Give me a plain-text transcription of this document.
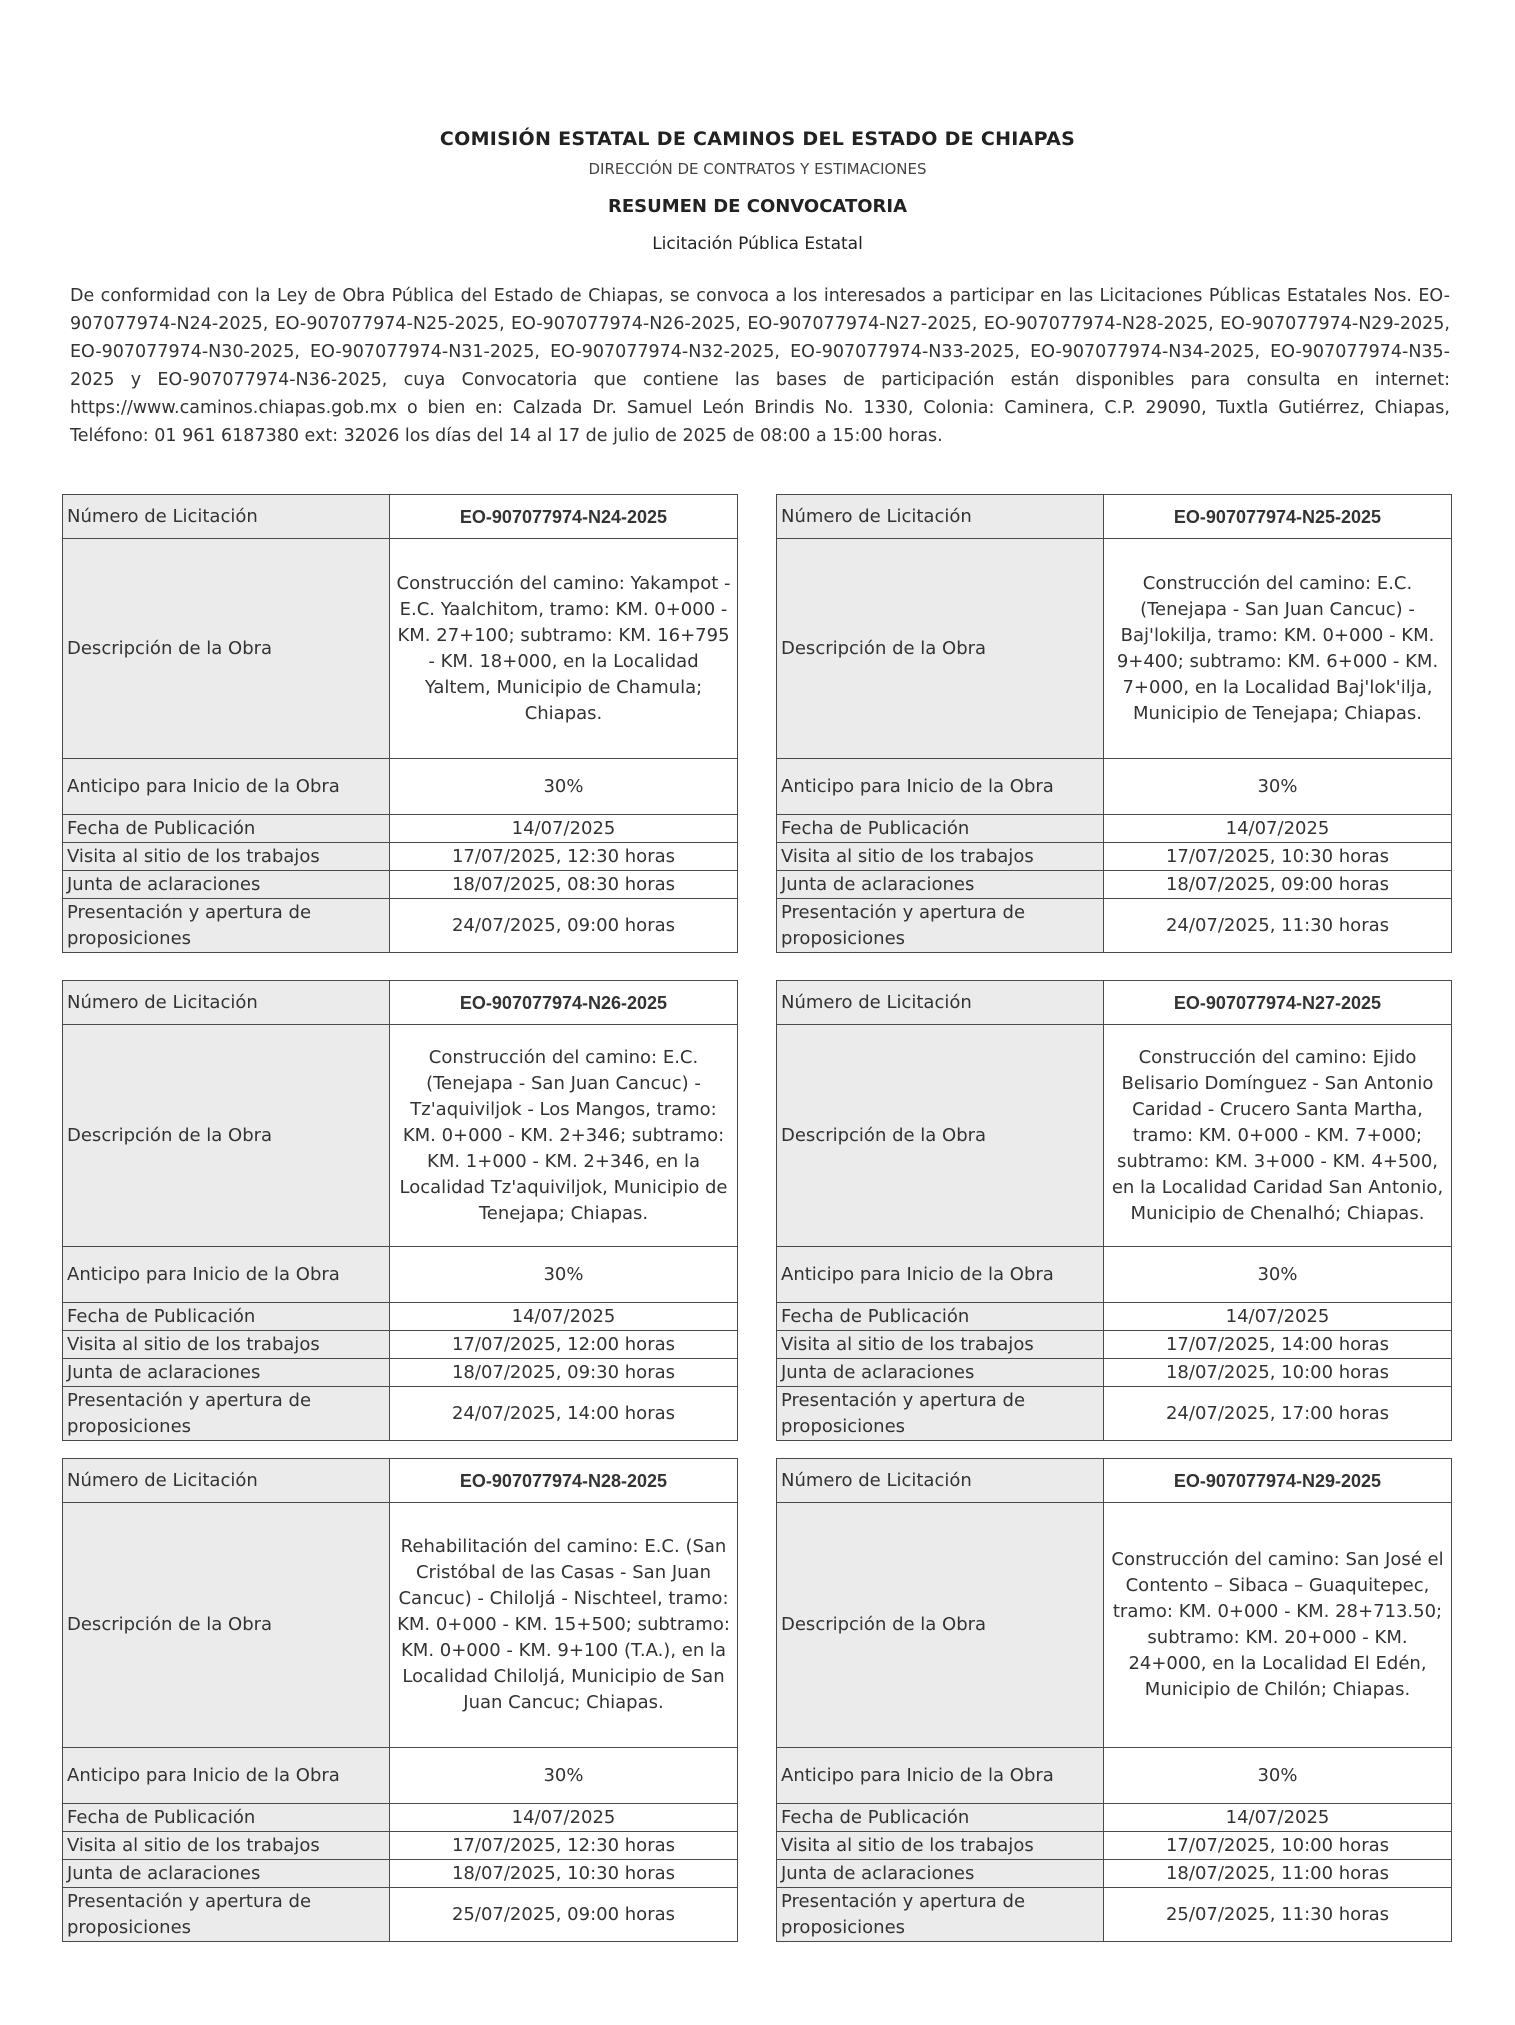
COMISIÓN ESTATAL DE CAMINOS DEL ESTADO DE CHIAPAS
DIRECCIÓN DE CONTRATOS Y ESTIMACIONES
RESUMEN DE CONVOCATORIA
Licitación Pública Estatal

De conformidad con la Ley de Obra Pública del Estado de Chiapas, se convoca a los interesados a participar en las Licitaciones Públicas Estatales Nos. EO-907077974-N24-2025, EO-907077974-N25-2025, EO-907077974-N26-2025, EO-907077974-N27-2025, EO-907077974-N28-2025, EO-907077974-N29-2025, EO-907077974-N30-2025, EO-907077974-N31-2025, EO-907077974-N32-2025, EO-907077974-N33-2025, EO-907077974-N34-2025, EO-907077974-N35-2025 y EO-907077974-N36-2025, cuya Convocatoria que contiene las bases de participación están disponibles para consulta en internet: https://www.caminos.chiapas.gob.mx o bien en: Calzada Dr. Samuel León Brindis No. 1330, Colonia: Caminera, C.P. 29090, Tuxtla Gutiérrez, Chiapas, Teléfono: 01 961 6187380 ext: 32026 los días del 14 al 17 de julio de 2025 de 08:00 a 15:00 horas.

Número de Licitación	EO-907077974-N24-2025
Descripción de la Obra	Construcción del camino: Yakampot - E.C. Yaalchitom, tramo: KM. 0+000 - KM. 27+100; subtramo: KM. 16+795 - KM. 18+000, en la Localidad Yaltem, Municipio de Chamula; Chiapas.
Anticipo para Inicio de la Obra	30%
Fecha de Publicación	14/07/2025
Visita al sitio de los trabajos	17/07/2025, 12:30 horas
Junta de aclaraciones	18/07/2025, 08:30 horas
Presentación y apertura de proposiciones	24/07/2025, 09:00 horas
Número de Licitación	EO-907077974-N25-2025
Descripción de la Obra	Construcción del camino: E.C. (Tenejapa - San Juan Cancuc) - Baj'lokilja, tramo: KM. 0+000 - KM. 9+400; subtramo: KM. 6+000 - KM. 7+000, en la Localidad Baj'lok'ilja, Municipio de Tenejapa; Chiapas.
Anticipo para Inicio de la Obra	30%
Fecha de Publicación	14/07/2025
Visita al sitio de los trabajos	17/07/2025, 10:30 horas
Junta de aclaraciones	18/07/2025, 09:00 horas
Presentación y apertura de proposiciones	24/07/2025, 11:30 horas
Número de Licitación	EO-907077974-N26-2025
Descripción de la Obra	Construcción del camino: E.C. (Tenejapa - San Juan Cancuc) - Tz'aquiviljok - Los Mangos, tramo: KM. 0+000 - KM. 2+346; subtramo: KM. 1+000 - KM. 2+346, en la Localidad Tz'aquiviljok, Municipio de Tenejapa; Chiapas.
Anticipo para Inicio de la Obra	30%
Fecha de Publicación	14/07/2025
Visita al sitio de los trabajos	17/07/2025, 12:00 horas
Junta de aclaraciones	18/07/2025, 09:30 horas
Presentación y apertura de proposiciones	24/07/2025, 14:00 horas
Número de Licitación	EO-907077974-N27-2025
Descripción de la Obra	Construcción del camino: Ejido Belisario Domínguez - San Antonio Caridad - Crucero Santa Martha, tramo: KM. 0+000 - KM. 7+000; subtramo: KM. 3+000 - KM. 4+500, en la Localidad Caridad San Antonio, Municipio de Chenalhó; Chiapas.
Anticipo para Inicio de la Obra	30%
Fecha de Publicación	14/07/2025
Visita al sitio de los trabajos	17/07/2025, 14:00 horas
Junta de aclaraciones	18/07/2025, 10:00 horas
Presentación y apertura de proposiciones	24/07/2025, 17:00 horas
Número de Licitación	EO-907077974-N28-2025
Descripción de la Obra	Rehabilitación del camino: E.C. (San Cristóbal de las Casas - San Juan Cancuc) - Chiloljá - Nischteel, tramo: KM. 0+000 - KM. 15+500; subtramo: KM. 0+000 - KM. 9+100 (T.A.), en la Localidad Chiloljá, Municipio de San Juan Cancuc; Chiapas.
Anticipo para Inicio de la Obra	30%
Fecha de Publicación	14/07/2025
Visita al sitio de los trabajos	17/07/2025, 12:30 horas
Junta de aclaraciones	18/07/2025, 10:30 horas
Presentación y apertura de proposiciones	25/07/2025, 09:00 horas
Número de Licitación	EO-907077974-N29-2025
Descripción de la Obra	Construcción del camino: San José el Contento – Sibaca – Guaquitepec, tramo: KM. 0+000 - KM. 28+713.50; subtramo: KM. 20+000 - KM. 24+000, en la Localidad El Edén, Municipio de Chilón; Chiapas.
Anticipo para Inicio de la Obra	30%
Fecha de Publicación	14/07/2025
Visita al sitio de los trabajos	17/07/2025, 10:00 horas
Junta de aclaraciones	18/07/2025, 11:00 horas
Presentación y apertura de proposiciones	25/07/2025, 11:30 horas
